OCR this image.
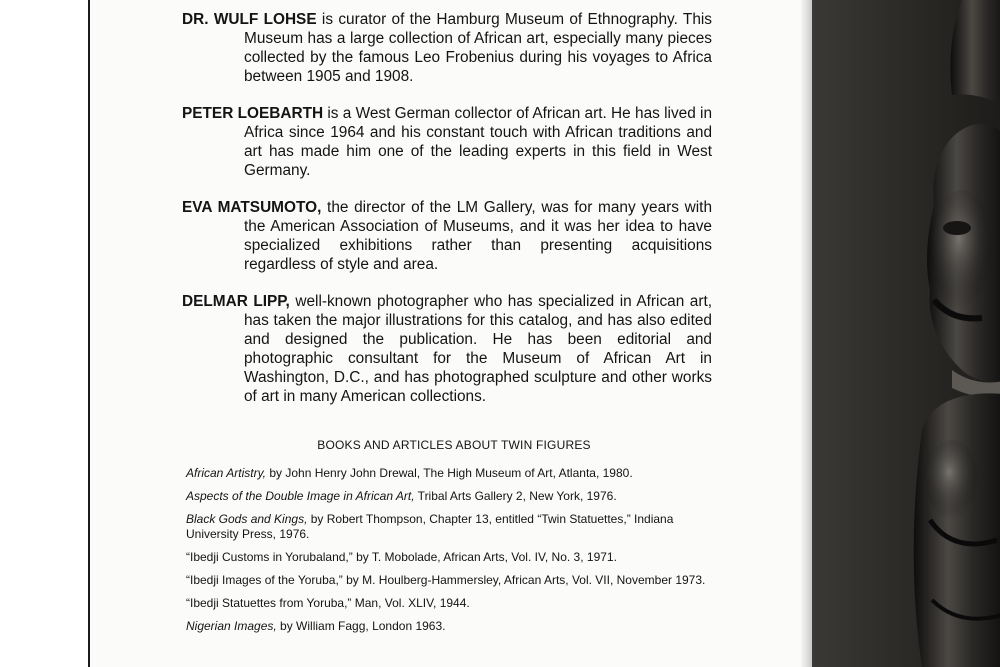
DR. WULF LOHSE is curator of the Hamburg Museum of Ethnography. This Museum has a large collection of African art, especially many pieces collected by the famous Leo Frobenius during his voyages to Africa between 1905 and 1908.

PETER LOEBARTH is a West German collector of African art. He has lived in Africa since 1964 and his constant touch with African traditions and art has made him one of the leading experts in this field in West Germany.

EVA MATSUMOTO, the director of the LM Gallery, was for many years with the American Association of Museums, and it was her idea to have specialized exhibitions rather than presenting acquisitions regardless of style and area.

DELMAR LIPP, well-known photographer who has specialized in African art, has taken the major illustrations for this catalog, and has also edited and designed the publication. He has been editorial and photographic consultant for the Museum of African Art in Washington, D.C., and has photographed sculpture and other works of art in many American collections.

BOOKS AND ARTICLES ABOUT TWIN FIGURES

African Artistry, by John Henry John Drewal, The High Museum of Art, Atlanta, 1980.

Aspects of the Double Image in African Art, Tribal Arts Gallery 2, New York, 1976.

Black Gods and Kings, by Robert Thompson, Chapter 13, entitled “Twin Statuettes,” Indiana University Press, 1976.

“Ibedji Customs in Yorubaland,” by T. Mobolade, African Arts, Vol. IV, No. 3, 1971.

“Ibedji Images of the Yoruba,” by M. Houlberg-Hammersley, African Arts, Vol. VII, November 1973.

“Ibedji Statuettes from Yoruba,” Man, Vol. XLIV, 1944.

Nigerian Images, by William Fagg, London 1963.
